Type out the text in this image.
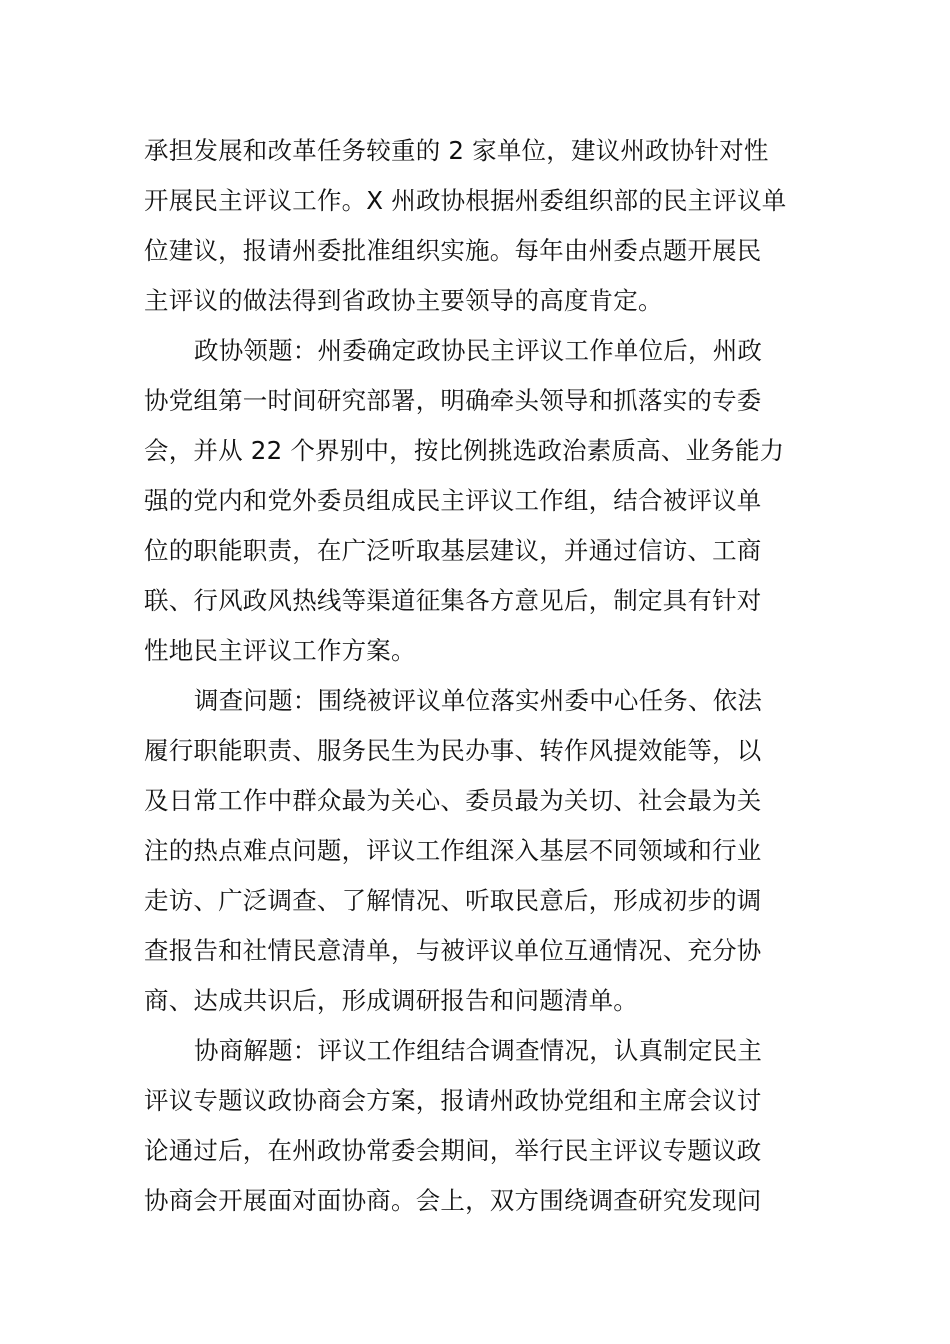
承担发展和改革任务较重的 2 家单位，建议州政协针对性
开展民主评议工作。X 州政协根据州委组织部的民主评议单
位建议，报请州委批准组织实施。每年由州委点题开展民
主评议的做法得到省政协主要领导的高度肯定。
政协领题：州委确定政协民主评议工作单位后，州政
协党组第一时间研究部署，明确牵头领导和抓落实的专委
会，并从 22 个界别中，按比例挑选政治素质高、业务能力
强的党内和党外委员组成民主评议工作组，结合被评议单
位的职能职责，在广泛听取基层建议，并通过信访、工商
联、行风政风热线等渠道征集各方意见后，制定具有针对
性地民主评议工作方案。
调查问题：围绕被评议单位落实州委中心任务、依法
履行职能职责、服务民生为民办事、转作风提效能等，以
及日常工作中群众最为关心、委员最为关切、社会最为关
注的热点难点问题，评议工作组深入基层不同领域和行业
走访、广泛调查、了解情况、听取民意后，形成初步的调
查报告和社情民意清单，与被评议单位互通情况、充分协
商、达成共识后，形成调研报告和问题清单。
协商解题：评议工作组结合调查情况，认真制定民主
评议专题议政协商会方案，报请州政协党组和主席会议讨
论通过后，在州政协常委会期间，举行民主评议专题议政
协商会开展面对面协商。会上，双方围绕调查研究发现问
